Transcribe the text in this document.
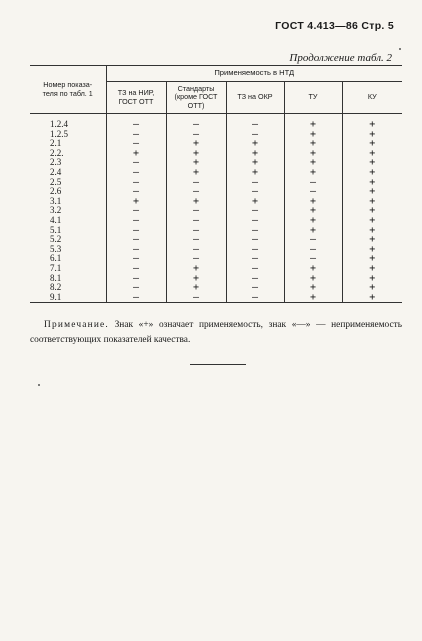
ГОСТ 4.413—86 Стр. 5
Продолжение табл. 2
Номер показа-теля по табл. 1	Применяемость в НТД				
	ТЗ на НИР, ГОСТ ОТТ	Стандарты (кроме ГОСТ ОТТ)	ТЗ на ОКР	ТУ	КУ

1.2.4	—	—	—	+	+
1.2.5	—	—	—	+	+
2.1	—	+	+	+	+
2.2.	+	+	+	+	+
2.3	—	+	+	+	+
2.4	—	+	+	+	+
2.5	—	—	—	—	+
2.6	—	—	—	—	+
3.1	+	+	+	+	+
3.2	—	—	—	+	+
4.1	—	—	—	+	+
5.1	—	—	—	+	+
5.2	—	—	—	—	+
5.3	—	—	—	—	+
6.1	—	—	—	—	+
7.1	—	+	—	+	+
8.1	—	+	—	+	+
8.2	—	+	—	+	+
9.1	—	—	—	+	+
Примечание. Знак «+» означает применяемость, знак «—» — неприменяемость соответствующих показателей качества.
